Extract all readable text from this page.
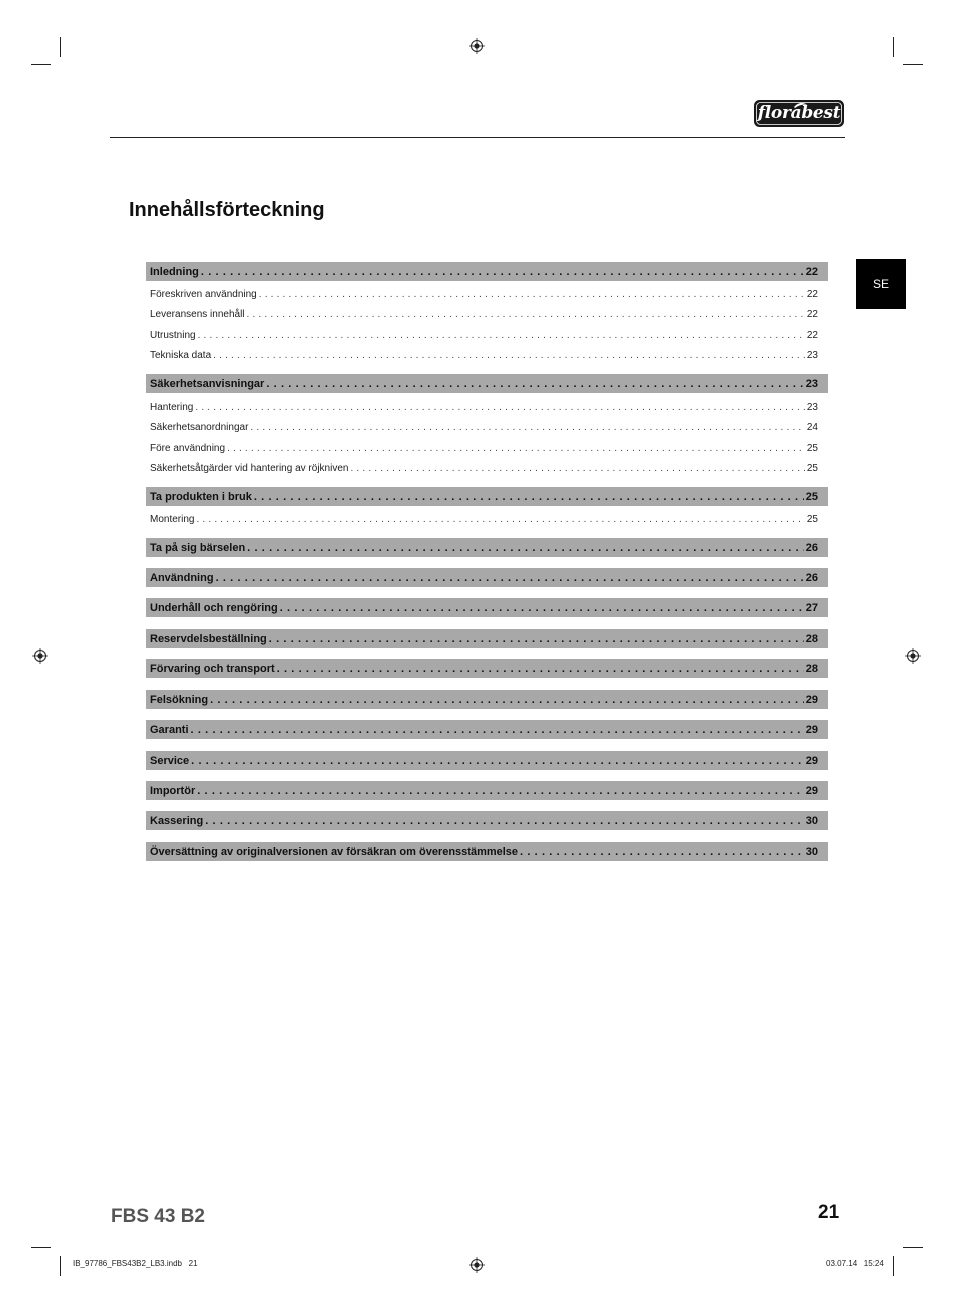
florabest
Innehållsförteckning
SE
Inledning . . .	22
Föreskriven användning . . .	22
Leveransens innehåll . . .	22
Utrustning . . .	22
Tekniska data . . .	23
Säkerhetsanvisningar . . .	23
Hantering . . .	23
Säkerhetsanordningar . . .	24
Före användning . . .	25
Säkerhetsåtgärder vid hantering av röjkniven . . .	25
Ta produkten i bruk . . .	25
Montering . . .	25
Ta på sig bärselen . . .	26
Användning . . .	26
Underhåll och rengöring . . .	27
Reservdelsbeställning . . .	28
Förvaring och transport . . .	28
Felsökning . . .	29
Garanti . . .	29
Service . . .	29
Importör . . .	29
Kassering . . .	30
Översättning av originalversionen av försäkran om överensstämmelse . . .	30
FBS 43 B2	21
IB_97786_FBS43B2_LB3.indb   21	03.07.14   15:24
